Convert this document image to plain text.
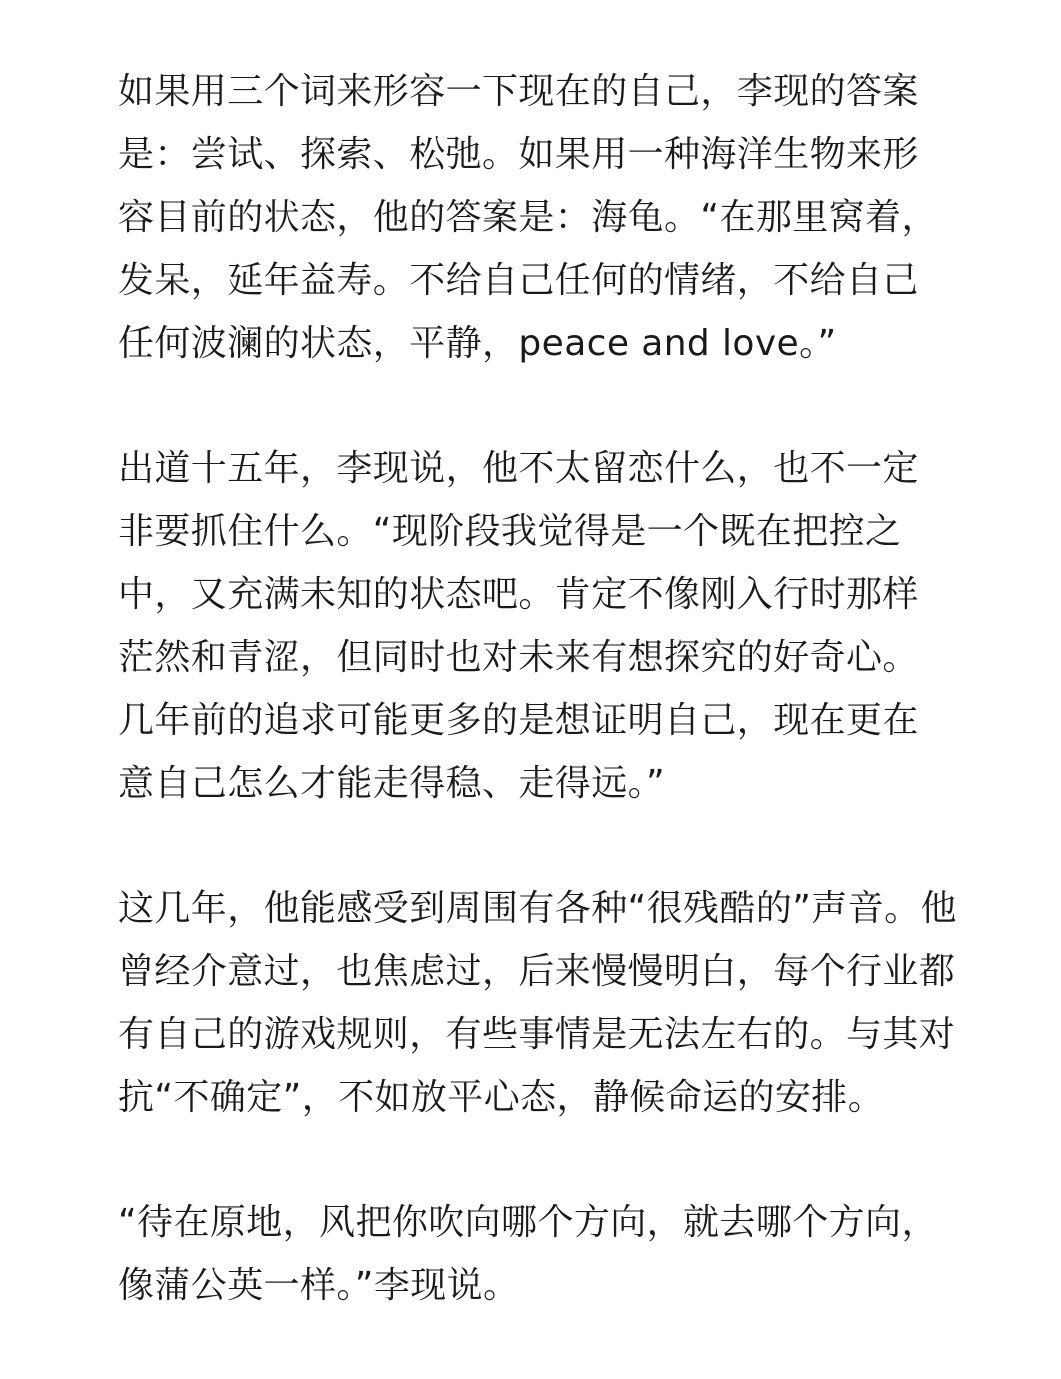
如果用三个词来形容一下现在的自己，李现的答案
是：尝试、探索、松弛。如果用一种海洋生物来形
容目前的状态，他的答案是：海龟。“在那里窝着，
发呆，延年益寿。不给自己任何的情绪，不给自己
任何波澜的状态，平静，peace and love。”
出道十五年，李现说，他不太留恋什么，也不一定
非要抓住什么。“现阶段我觉得是一个既在把控之
中，又充满未知的状态吧。肯定不像刚入行时那样
茫然和青涩，但同时也对未来有想探究的好奇心。
几年前的追求可能更多的是想证明自己，现在更在
意自己怎么才能走得稳、走得远。”
这几年，他能感受到周围有各种“很残酷的”声音。他
曾经介意过，也焦虑过，后来慢慢明白，每个行业都
有自己的游戏规则，有些事情是无法左右的。与其对
抗“不确定”，不如放平心态，静候命运的安排。
“待在原地，风把你吹向哪个方向，就去哪个方向，
像蒲公英一样。”李现说。
